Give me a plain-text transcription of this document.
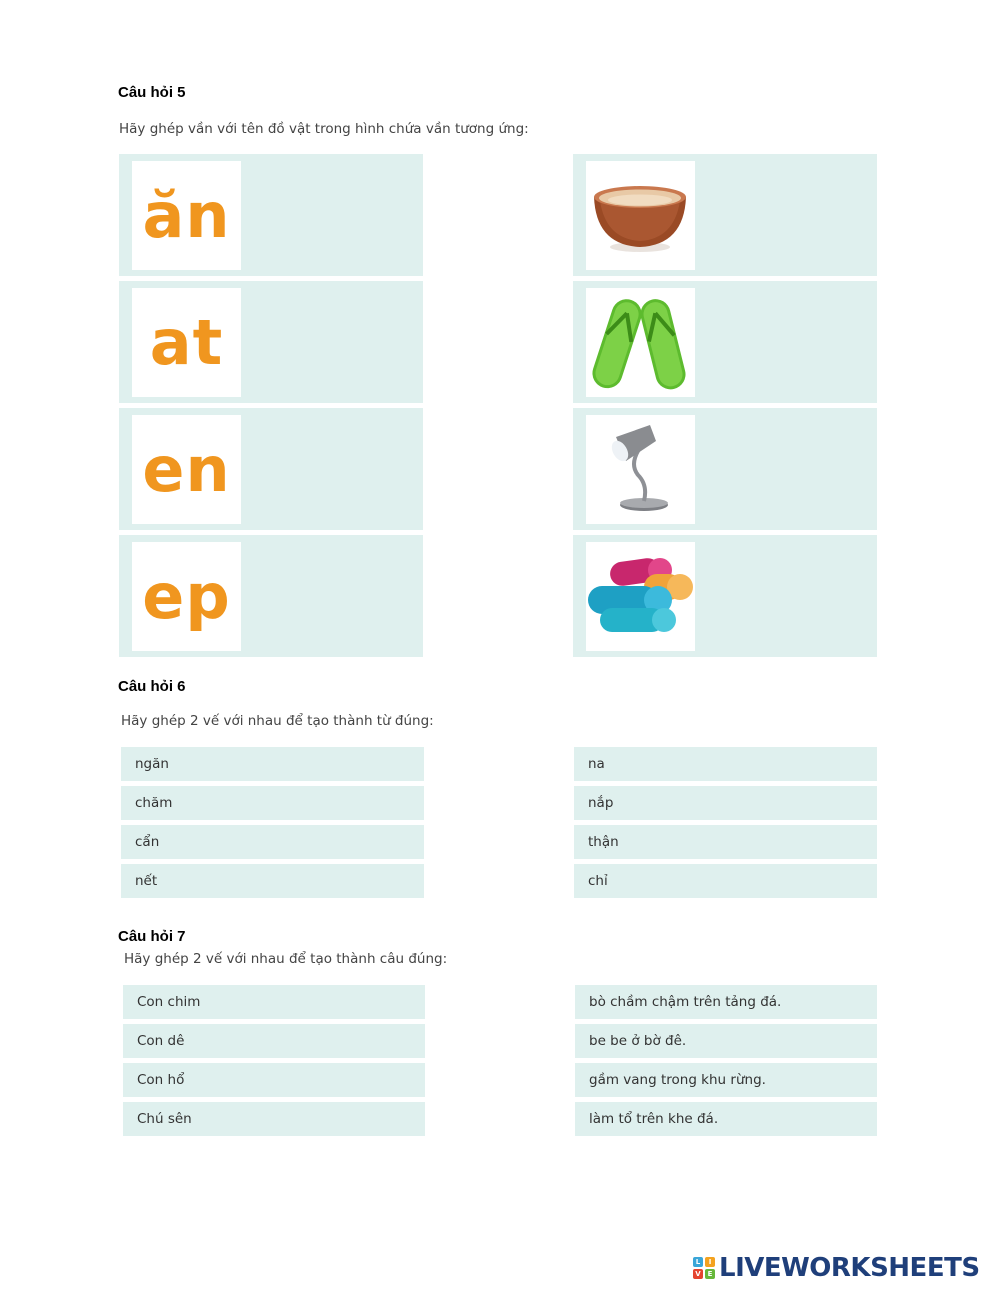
Câu hỏi 5
Hãy ghép vần với tên đồ vật trong hình chứa vần tương ứng:
ăn
at
en
ep
Câu hỏi 6
Hãy ghép 2 vế với nhau để tạo thành từ đúng:
ngăn
chăm
cẩn
nết
na
nắp
thận
chỉ
Câu hỏi 7
Hãy ghép 2 vế với nhau để tạo thành câu đúng:
Con chim
Con dê
Con hổ
Chú sên
bò chầm chậm trên tảng đá.
be be ở bờ đê.
gầm vang trong khu rừng.
làm tổ trên khe đá.
L	I
V E LIVEWORKSHEETS
